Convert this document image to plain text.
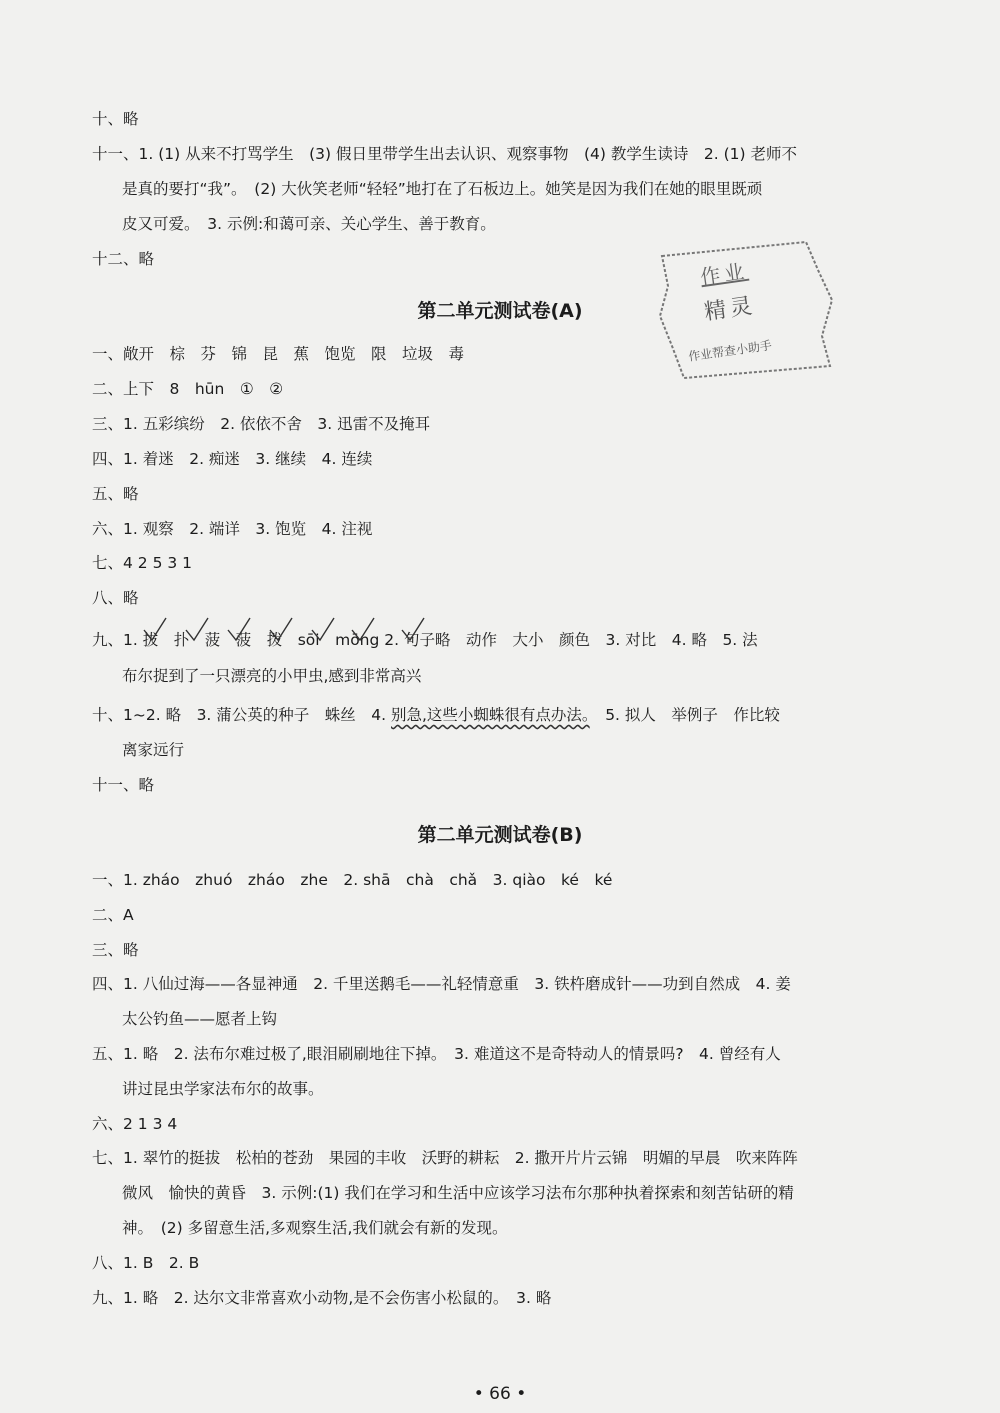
十、略
十一、1. (1) 从来不打骂学生　(3) 假日里带学生出去认识、观察事物　(4) 教学生读诗　2. (1) 老师不
是真的要打“我”。　(2) 大伙笑老师“轻轻”地打在了石板边上。她笑是因为我们在她的眼里既顽
皮又可爱。　3. 示例:和蔼可亲、关心学生、善于教育。
十二、略	作业
精灵
作业帮查小助手
第二单元测试卷(A)
一、敞开　棕　芬　锦　昆　蕉　饱览　限　垃圾　毒
二、上下　8　hūn　①　②
三、1. 五彩缤纷　2. 依依不舍　3. 迅雷不及掩耳
四、1. 着迷　2. 痴迷　3. 继续　4. 连续
五、略
六、1. 观察　2. 端详　3. 饱览　4. 注视
七、4 2 5 3 1
八、略
九、1. 拔　扑　菠　菠　拨　sōi　mōng 2. 句子略　动作　大小　颜色　3. 对比　4. 略　5. 法
布尔捉到了一只漂亮的小甲虫,感到非常高兴
十、1~2. 略　3. 蒲公英的种子　蛛丝　4. 别急,这些小蜘蛛很有点办法。　5. 拟人　举例子　作比较
离家远行
十一、略
第二单元测试卷(B)
一、1. zháo　zhuó　zháo　zhe　2. shā　chà　chǎ　3. qiào　ké　ké
二、A
三、略
四、1. 八仙过海——各显神通　2. 千里送鹅毛——礼轻情意重　3. 铁杵磨成针——功到自然成　4. 姜
太公钓鱼——愿者上钩
五、1. 略　2. 法布尔难过极了,眼泪刷刷地往下掉。　3. 难道这不是奇特动人的情景吗?　4. 曾经有人
讲过昆虫学家法布尔的故事。
六、2 1 3 4
七、1. 翠竹的挺拔　松柏的苍劲　果园的丰收　沃野的耕耘　2. 撒开片片云锦　明媚的早晨　吹来阵阵
微风　愉快的黄昏　3. 示例:(1) 我们在学习和生活中应该学习法布尔那种执着探索和刻苦钻研的精
神。　(2) 多留意生活,多观察生活,我们就会有新的发现。
八、1. B　2. B
九、1. 略　2. 达尔文非常喜欢小动物,是不会伤害小松鼠的。　3. 略
• 66 •
